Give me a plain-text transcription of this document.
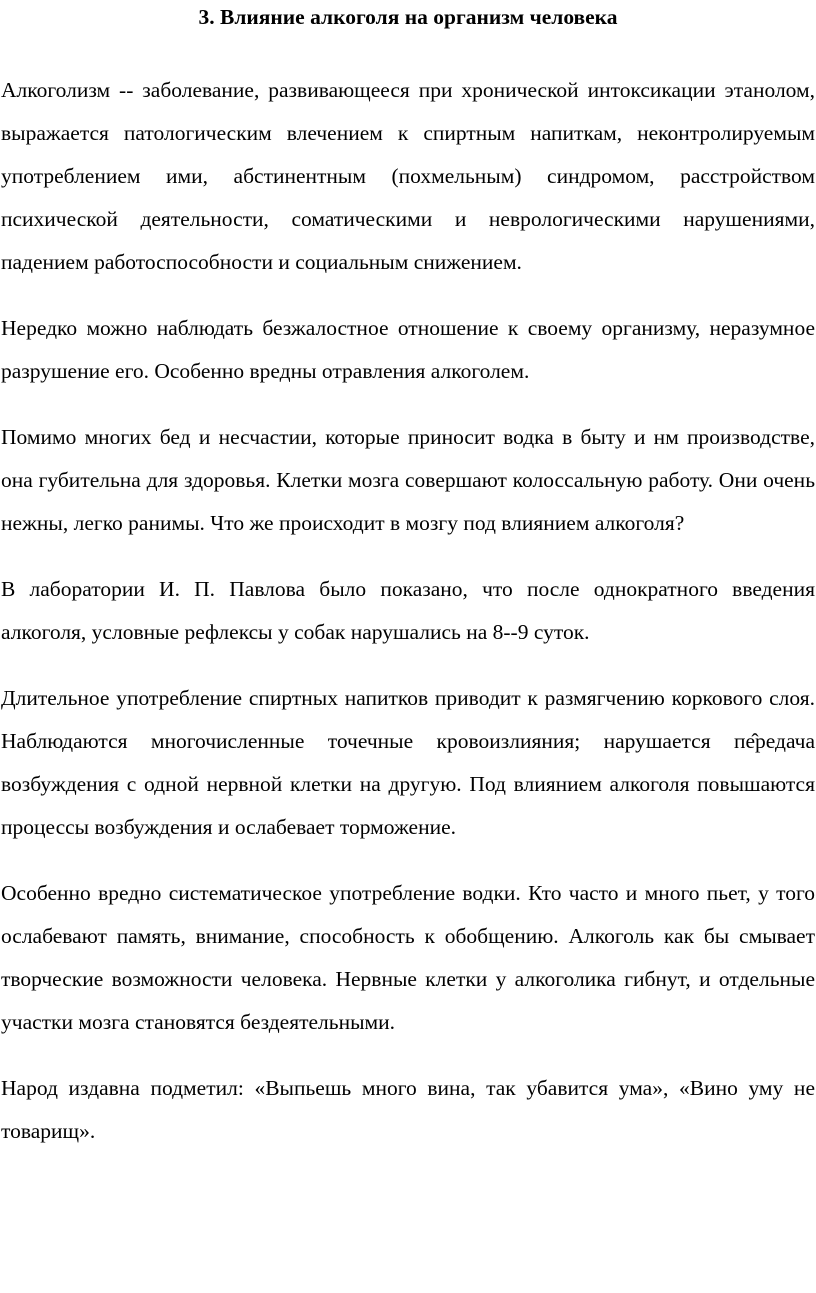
3. Влияние алкоголя на организм человека

Алкоголизм -- заболевание, развивающееся при хронической интоксикации этанолом, выражается патологическим влечением к спиртным напиткам, неконтролируемым употреблением ими, абстинентным (похмельным) синдромом, расстройством психической деятельности, соматическими и неврологическими нарушениями, падением работоспособности и социальным снижением.

Нередко можно наблюдать безжалостное отношение к своему организму, неразумное разрушение его. Особенно вредны отравления алкоголем.

Помимо многих бед и несчастии, которые приносит водка в быту и нм производстве, она губительна для здоровья. Клетки мозга совершают колоссальную работу. Они очень нежны, легко ранимы. Что же происходит в мозгу под влиянием алкоголя?

В лаборатории И. П. Павлова было показано, что после однократного введения алкоголя, условные рефлексы у собак нарушались на 8--9 суток.

Длительное употребление спиртных напитков приводит к размягчению коркового слоя. Наблюдаются многочисленные точечные кровоизлияния; нарушается пе̂редача возбуждения с одной нервной клетки на другую. Под влиянием алкоголя повышаются процессы возбуждения и ослабевает торможение.

Особенно вредно систематическое употребление водки. Кто часто и много пьет, у того ослабевают память, внимание, способность к обобщению. Алкоголь как бы смывает творческие возможности человека. Нервные клетки у алкоголика гибнут, и отдельные участки мозга становятся бездеятельными.

Народ издавна подметил: «Выпьешь много вина, так убавится ума», «Вино уму не товарищ».
